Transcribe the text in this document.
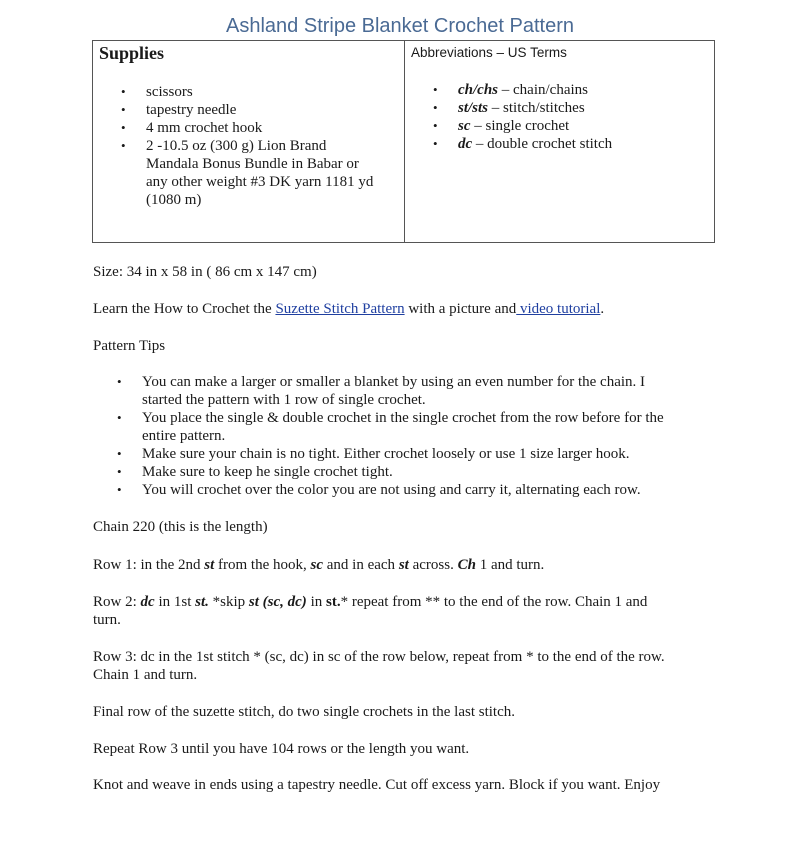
Ashland Stripe Blanket Crochet Pattern
Supplies	Abbreviations – US Terms
•	scissors
•	tapestry needle
•	4 mm crochet hook
•	2 -10.5 oz (300 g) Lion Brand
Mandala Bonus Bundle in Babar or
any other weight #3 DK yarn 1181 yd
(1080 m)
•	ch/chs – chain/chains
•	st/sts – stitch/stitches
•	sc – single crochet
•	dc – double crochet stitch
Size: 34 in x 58 in ( 86 cm x 147 cm)
Learn the How to Crochet the Suzette Stitch Pattern with a picture and video tutorial.
Pattern Tips
•	You can make a larger or smaller a blanket by using an even number for the chain. I
started the pattern with 1 row of single crochet.
•	You place the single & double crochet in the single crochet from the row before for the
entire pattern.
•	Make sure your chain is no tight. Either crochet loosely or use 1 size larger hook.
•	Make sure to keep he single crochet tight.
•	You will crochet over the color you are not using and carry it, alternating each row.
Chain 220 (this is the length)
Row 1: in the 2nd st from the hook, sc and in each st across. Ch 1 and turn.
Row 2: dc in 1st st. *skip st (sc, dc) in st.* repeat from ** to the end of the row. Chain 1 and
turn.
Row 3: dc in the 1st stitch * (sc, dc) in sc of the row below, repeat from * to the end of the row.
Chain 1 and turn.
Final row of the suzette stitch, do two single crochets in the last stitch.
Repeat Row 3 until you have 104 rows or the length you want.
Knot and weave in ends using a tapestry needle. Cut off excess yarn. Block if you want. Enjoy
